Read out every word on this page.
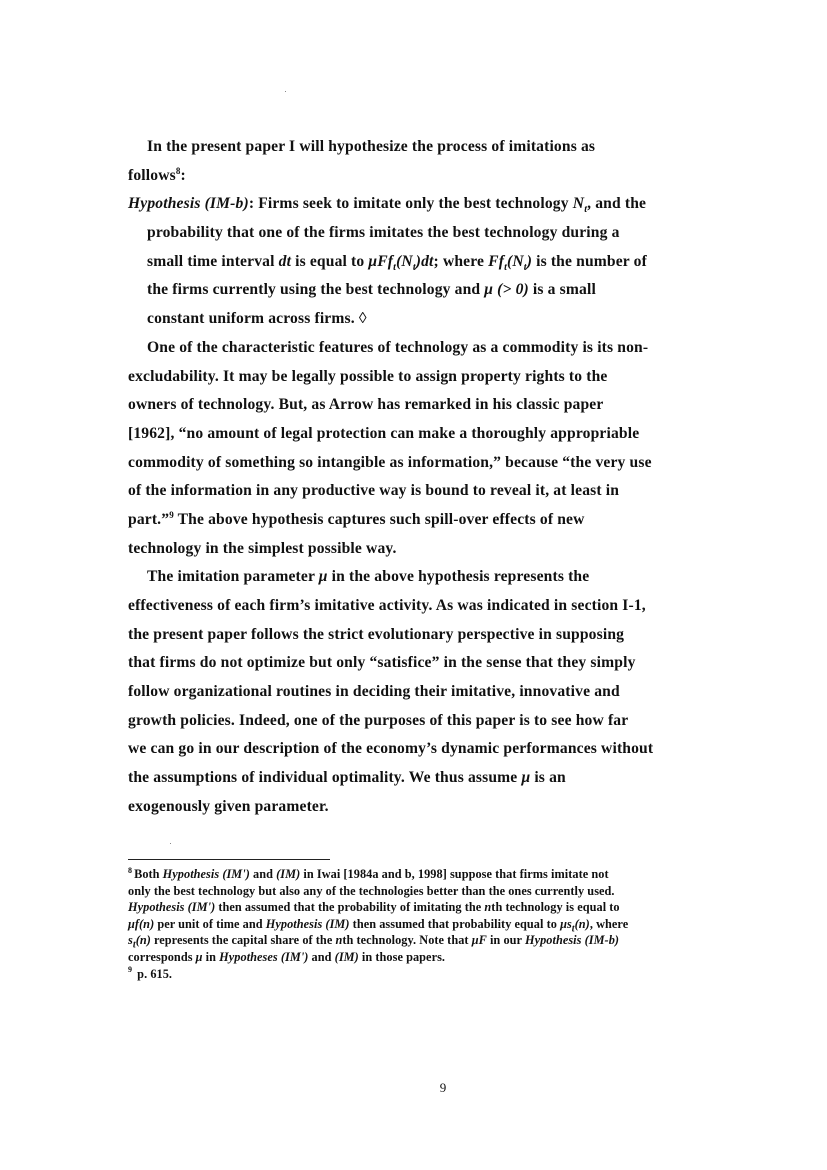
In the present paper I will hypothesize the process of imitations as
follows$^8$:
Hypothesis (IM-b): Firms seek to imitate only the best technology $N_t$, and the
probability that one of the firms imitates the best technology during a
small time interval dt is equal to $\mu Ff_t(N_t)dt$; where $Ff_t(N_t)$ is the number of
the firms currently using the best technology and μ (> 0) is a small
constant uniform across firms. ◊
One of the characteristic features of technology as a commodity is its non-
excludability. It may be legally possible to assign property rights to the
owners of technology. But, as Arrow has remarked in his classic paper
[1962], “no amount of legal protection can make a thoroughly appropriable
commodity of something so intangible as information,” because “the very use
of the information in any productive way is bound to reveal it, at least in
part.”$^9$ The above hypothesis captures such spill-over effects of new
technology in the simplest possible way.
The imitation parameter μ in the above hypothesis represents the
effectiveness of each firm’s imitative activity. As was indicated in section I-1,
the present paper follows the strict evolutionary perspective in supposing
that firms do not optimize but only “satisfice” in the sense that they simply
follow organizational routines in deciding their imitative, innovative and
growth policies. Indeed, one of the purposes of this paper is to see how far
we can go in our description of the economy’s dynamic performances without
the assumptions of individual optimality. We thus assume μ is an
exogenously given parameter.
$^8$ Both Hypothesis (IM') and (IM) in Iwai [1984a and b, 1998] suppose that firms imitate not
only the best technology but also any of the technologies better than the ones currently used.
Hypothesis (IM') then assumed that the probability of imitating the nth technology is equal to
μf(n) per unit of time and Hypothesis (IM) then assumed that probability equal to $\mu s_t(n)$, where
$s_t(n)$ represents the capital share of the nth technology. Note that μF in our Hypothesis (IM-b)
corresponds μ in Hypotheses (IM') and (IM) in those papers.
$^9$ p. 615.
9
